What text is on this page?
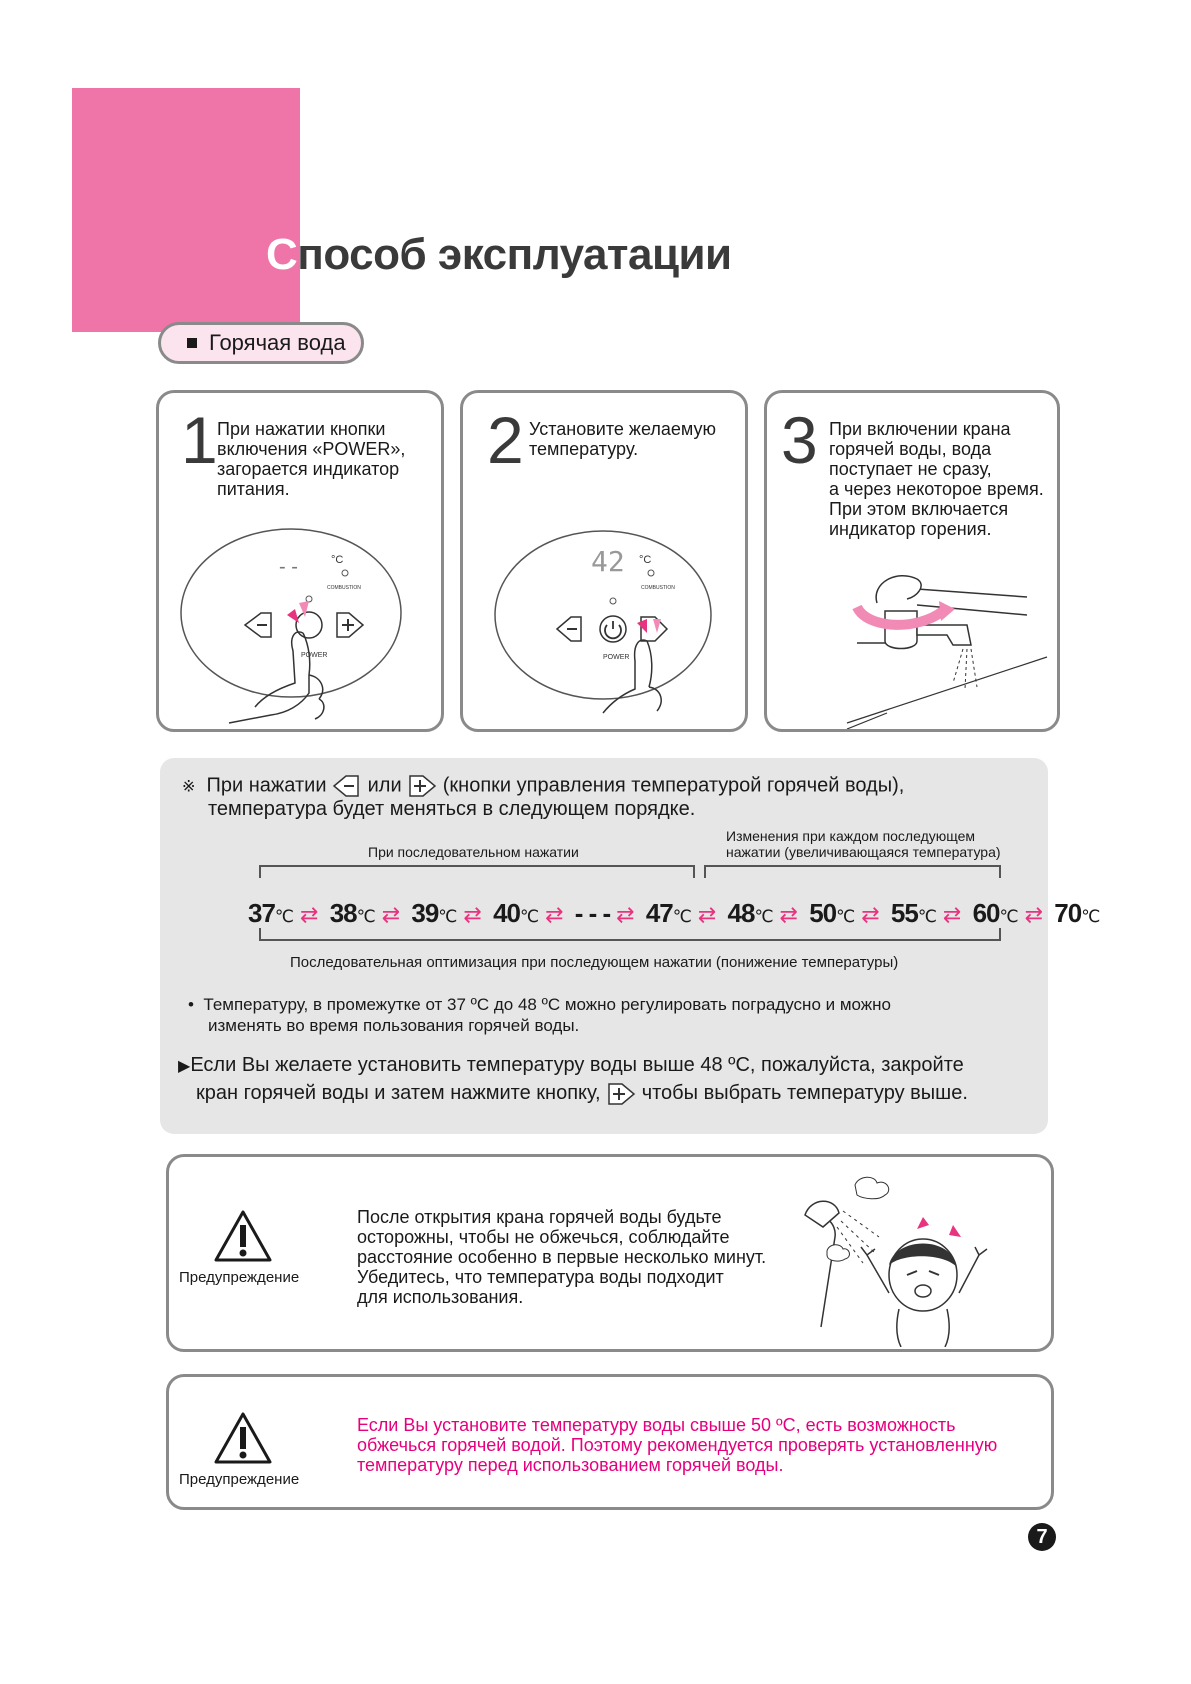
Способ эксплуатации
Горячая вода
1 При нажатии кнопки
включения «POWER»,
загорается индикатор
питания.
- -	°C
COMBUSTION
POWER
2 Установите желаемую
температуру.
42 °C
COMBUSTION
POWER
3 При включении крана
горячей воды, вода
поступает не сразу,
а через некоторое время.
При этом включается
индикатор горения.
※ При нажатии или (кнопки управления температурой горячей воды),
температура будет меняться в следующем порядке.
При последовательном нажатии
Изменения при каждом последующем
нажатии (увеличивающаяся температура)
37℃ ⇄ 38℃ ⇄ 39℃ ⇄ 40℃ ⇄ - - - ⇄ 47℃ ⇄ 48℃ ⇄ 50℃ ⇄ 55℃ ⇄ 60℃ ⇄ 70℃
Последовательная оптимизация при последующем нажатии (понижение температуры)
• Температуру, в промежутке от 37 ºC до 48 ºC можно регулировать поградусно и можно
изменять во время пользования горячей воды.
▶Если Вы желаете установить температуру воды выше 48 ºC, пожалуйста, закройте
кран горячей воды и затем нажмите кнопку, чтобы выбрать температуру выше.
Предупреждение
После открытия крана горячей воды будьте
осторожны, чтобы не обжечься, соблюдайте
расстояние особенно в первые несколько минут.
Убедитесь, что температура воды подходит
для использования.
Предупреждение
Если Вы установите температуру воды свыше 50 ºC, есть возможность
обжечься горячей водой. Поэтому рекомендуется проверять установленную
температуру перед использованием горячей воды.
7
